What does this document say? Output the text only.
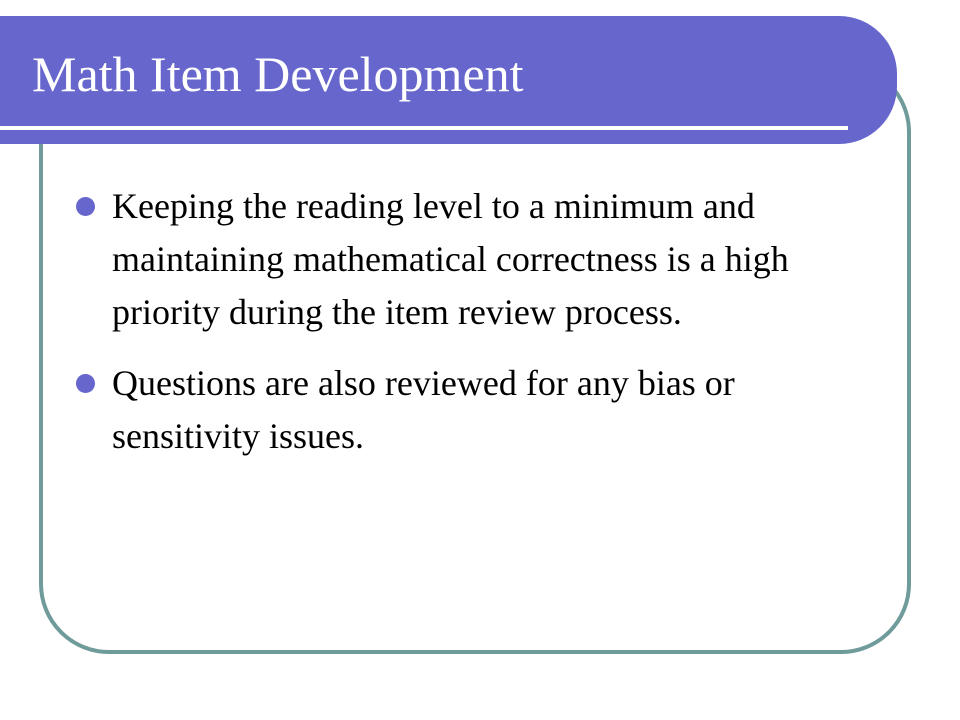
Math Item Development
Keeping the reading level to a minimum and maintaining mathematical correctness is a high priority during the item review process.
Questions are also reviewed for any bias or sensitivity issues.
